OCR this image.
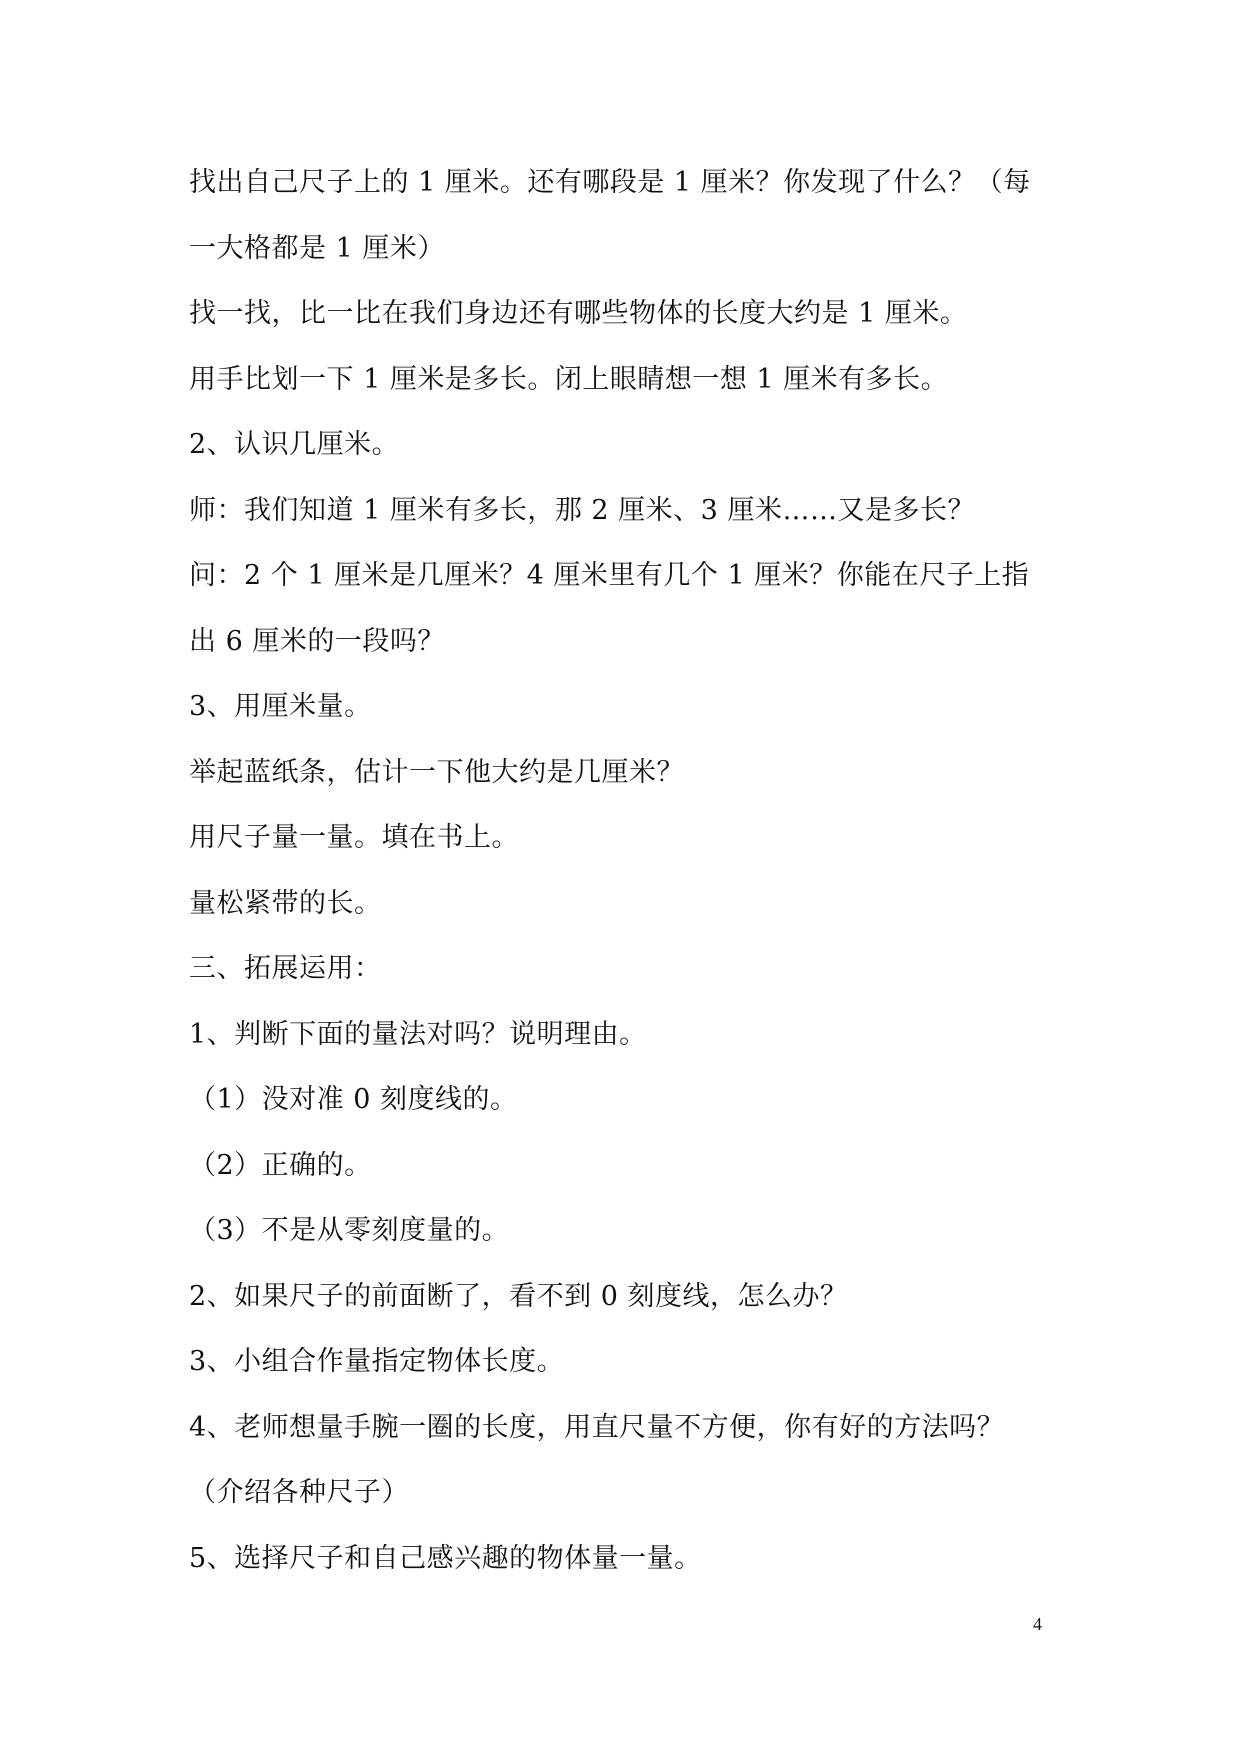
找出自己尺子上的 1 厘米。还有哪段是 1 厘米？你发现了什么？（每
一大格都是 1 厘米）
找一找，比一比在我们身边还有哪些物体的长度大约是 1 厘米。
用手比划一下 1 厘米是多长。闭上眼睛想一想 1 厘米有多长。
2、认识几厘米。
师：我们知道 1 厘米有多长，那 2 厘米、3 厘米……又是多长？
问：2 个 1 厘米是几厘米？4 厘米里有几个 1 厘米？你能在尺子上指
出 6 厘米的一段吗？
3、用厘米量。
举起蓝纸条，估计一下他大约是几厘米？
用尺子量一量。填在书上。
量松紧带的长。
三、拓展运用：
1、判断下面的量法对吗？说明理由。
（1）没对准 0 刻度线的。
（2）正确的。
（3）不是从零刻度量的。
2、如果尺子的前面断了，看不到 0 刻度线，怎么办？
3、小组合作量指定物体长度。
4、老师想量手腕一圈的长度，用直尺量不方便，你有好的方法吗？
（介绍各种尺子）
5、选择尺子和自己感兴趣的物体量一量。
4
